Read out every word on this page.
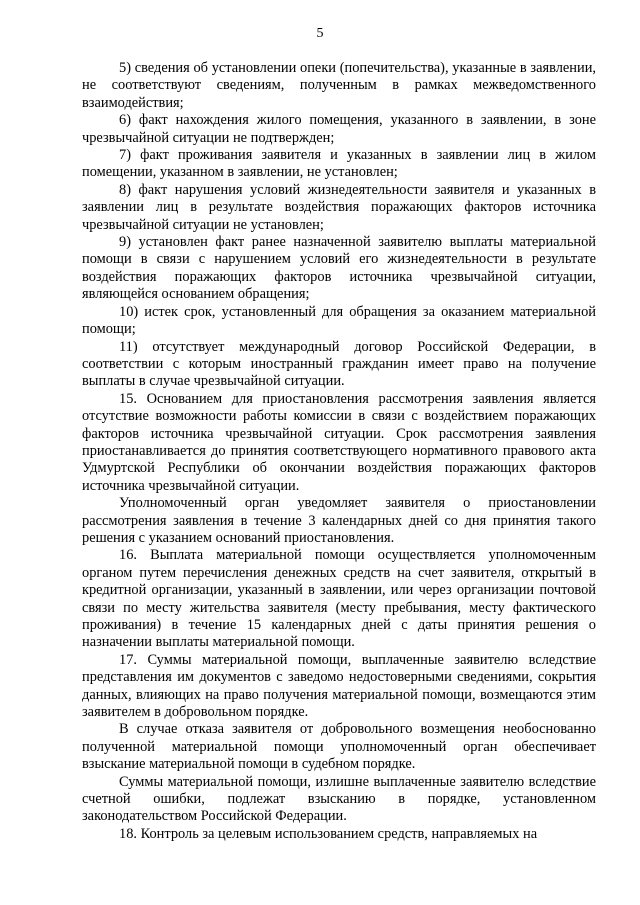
5

5) сведения об установлении опеки (попечительства), указанные в заявлении, не соответствуют сведениям, полученным в рамках межведомственного взаимодействия;

6) факт нахождения жилого помещения, указанного в заявлении, в зоне чрезвычайной ситуации не подтвержден;

7) факт проживания заявителя и указанных в заявлении лиц в жилом помещении, указанном в заявлении, не установлен;

8) факт нарушения условий жизнедеятельности заявителя и указанных в заявлении лиц в результате воздействия поражающих факторов источника чрезвычайной ситуации не установлен;

9) установлен факт ранее назначенной заявителю выплаты материальной помощи в связи с нарушением условий его жизнедеятельности в результате воздействия поражающих факторов источника чрезвычайной ситуации, являющейся основанием обращения;

10) истек срок, установленный для обращения за оказанием материальной помощи;

11) отсутствует международный договор Российской Федерации, в соответствии с которым иностранный гражданин имеет право на получение выплаты в случае чрезвычайной ситуации.

15. Основанием для приостановления рассмотрения заявления является отсутствие возможности работы комиссии в связи с воздействием поражающих факторов источника чрезвычайной ситуации. Срок рассмотрения заявления приостанавливается до принятия соответствующего нормативного правового акта Удмуртской Республики об окончании воздействия поражающих факторов источника чрезвычайной ситуации.

Уполномоченный орган уведомляет заявителя о приостановлении рассмотрения заявления в течение 3 календарных дней со дня принятия такого решения с указанием оснований приостановления.

16. Выплата материальной помощи осуществляется уполномоченным органом путем перечисления денежных средств на счет заявителя, открытый в кредитной организации, указанный в заявлении, или через организации почтовой связи по месту жительства заявителя (месту пребывания, месту фактического проживания) в течение 15 календарных дней с даты принятия решения о назначении выплаты материальной помощи.

17. Суммы материальной помощи, выплаченные заявителю вследствие представления им документов с заведомо недостоверными сведениями, сокрытия данных, влияющих на право получения материальной помощи, возмещаются этим заявителем в добровольном порядке.

В случае отказа заявителя от добровольного возмещения необоснованно полученной материальной помощи уполномоченный орган обеспечивает взыскание материальной помощи в судебном порядке.

Суммы материальной помощи, излишне выплаченные заявителю вследствие счетной ошибки, подлежат взысканию в порядке, установленном законодательством Российской Федерации.

18. Контроль за целевым использованием средств, направляемых на
